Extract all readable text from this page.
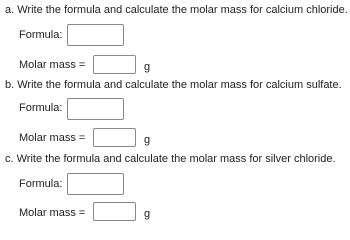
a. Write the formula and calculate the molar mass for calcium chloride.
Formula:
Molar mass =	g
b. Write the formula and calculate the molar mass for calcium sulfate.
Formula:
Molar mass =	g
c. Write the formula and calculate the molar mass for silver chloride.
Formula:
Molar mass =	g
